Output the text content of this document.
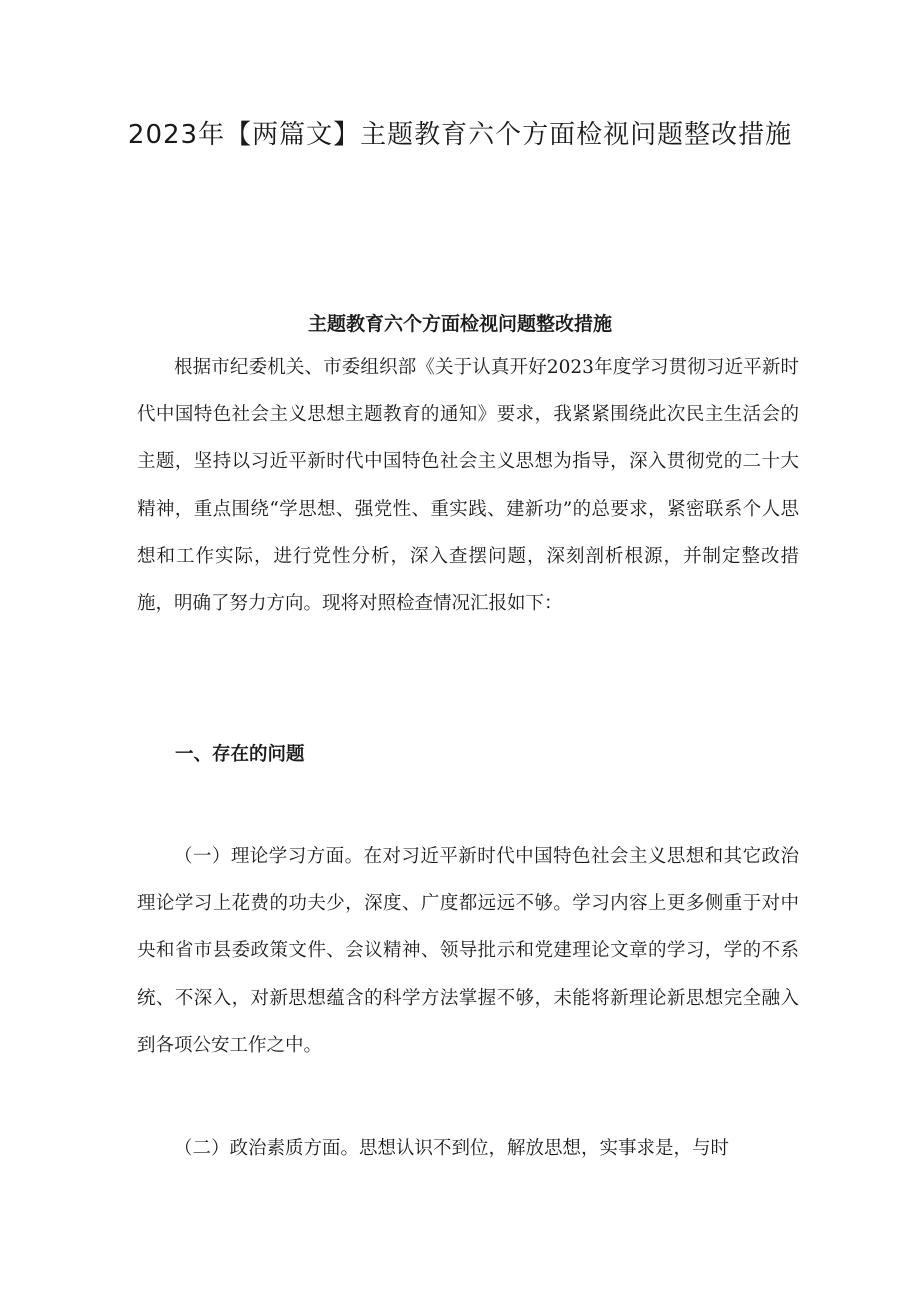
2023年【两篇文】主题教育六个方面检视问题整改措施
主题教育六个方面检视问题整改措施

根据市纪委机关、市委组织部《关于认真开好2023年度学习贯彻习近平新时代中国特色社会主义思想主题教育的通知》要求，我紧紧围绕此次民主生活会的主题，坚持以习近平新时代中国特色社会主义思想为指导，深入贯彻党的二十大精神，重点围绕“学思想、强党性、重实践、建新功”的总要求，紧密联系个人思想和工作实际，进行党性分析，深入查摆问题，深刻剖析根源，并制定整改措施，明确了努力方向。现将对照检查情况汇报如下：

一、存在的问题

（一）理论学习方面。在对习近平新时代中国特色社会主义思想和其它政治理论学习上花费的功夫少，深度、广度都远远不够。学习内容上更多侧重于对中央和省市县委政策文件、会议精神、领导批示和党建理论文章的学习，学的不系统、不深入，对新思想蕴含的科学方法掌握不够，未能将新理论新思想完全融入到各项公安工作之中。

（二）政治素质方面。思想认识不到位，解放思想，实事求是，与时
